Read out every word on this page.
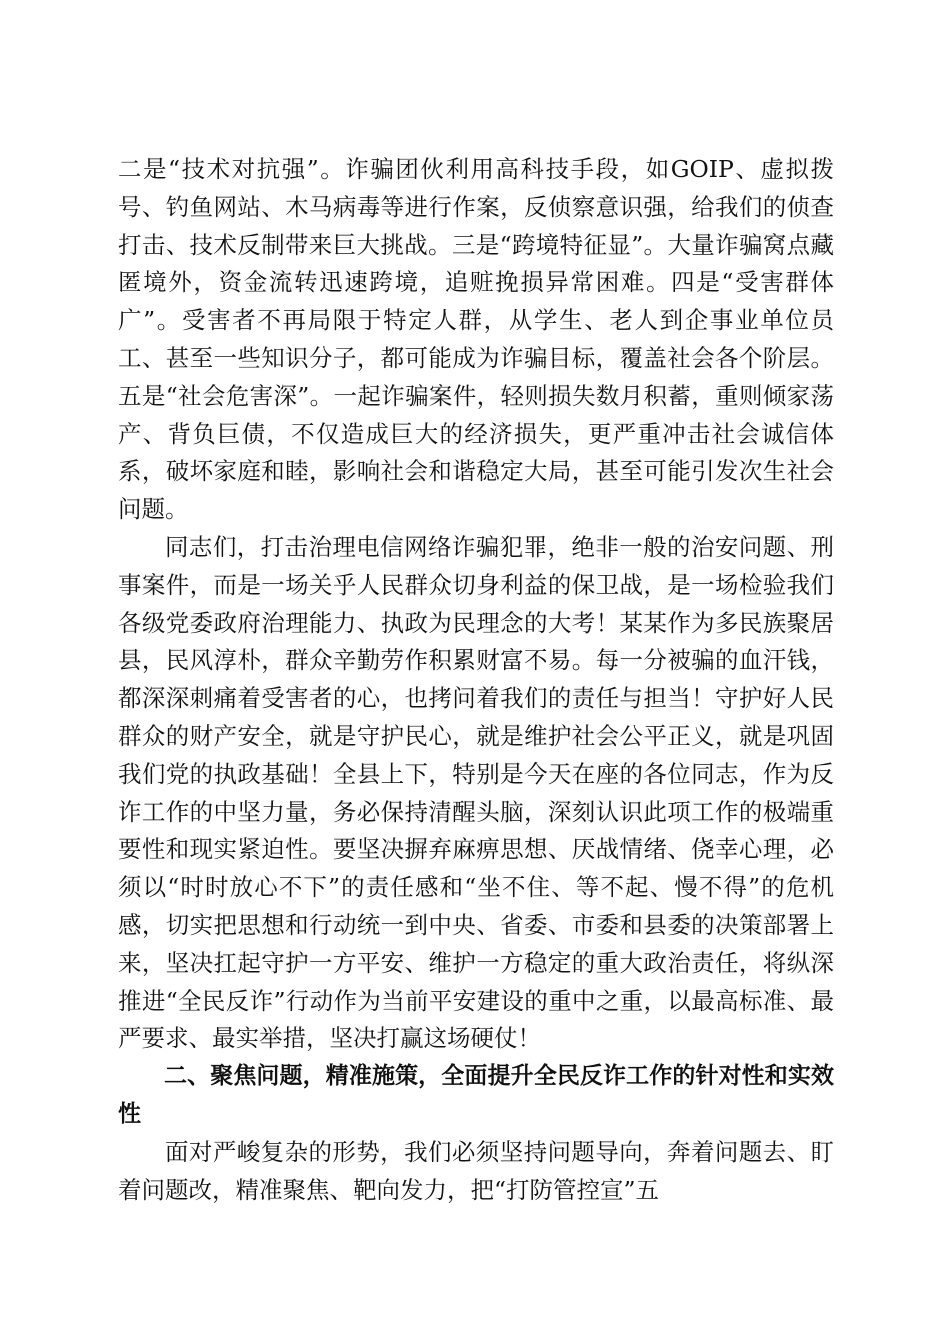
二是“技术对抗强”。诈骗团伙利用高科技手段，如GOIP、虚拟拨号、钓鱼网站、木马病毒等进行作案，反侦察意识强，给我们的侦查打击、技术反制带来巨大挑战。三是“跨境特征显”。大量诈骗窝点藏匿境外，资金流转迅速跨境，追赃挽损异常困难。四是“受害群体广”。受害者不再局限于特定人群，从学生、老人到企事业单位员工、甚至一些知识分子，都可能成为诈骗目标，覆盖社会各个阶层。五是“社会危害深”。一起诈骗案件，轻则损失数月积蓄，重则倾家荡产、背负巨债，不仅造成巨大的经济损失，更严重冲击社会诚信体系，破坏家庭和睦，影响社会和谐稳定大局，甚至可能引发次生社会问题。

同志们，打击治理电信网络诈骗犯罪，绝非一般的治安问题、刑事案件，而是一场关乎人民群众切身利益的保卫战，是一场检验我们各级党委政府治理能力、执政为民理念的大考！某某作为多民族聚居县，民风淳朴，群众辛勤劳作积累财富不易。每一分被骗的血汗钱，都深深刺痛着受害者的心，也拷问着我们的责任与担当！守护好人民群众的财产安全，就是守护民心，就是维护社会公平正义，就是巩固我们党的执政基础！全县上下，特别是今天在座的各位同志，作为反诈工作的中坚力量，务必保持清醒头脑，深刻认识此项工作的极端重要性和现实紧迫性。要坚决摒弃麻痹思想、厌战情绪、侥幸心理，必须以“时时放心不下”的责任感和“坐不住、等不起、慢不得”的危机感，切实把思想和行动统一到中央、省委、市委和县委的决策部署上来，坚决扛起守护一方平安、维护一方稳定的重大政治责任，将纵深推进“全民反诈”行动作为当前平安建设的重中之重，以最高标准、最严要求、最实举措，坚决打赢这场硬仗！

二、聚焦问题，精准施策，全面提升全民反诈工作的针对性和实效性

面对严峻复杂的形势，我们必须坚持问题导向，奔着问题去、盯着问题改，精准聚焦、靶向发力，把“打防管控宣”五
